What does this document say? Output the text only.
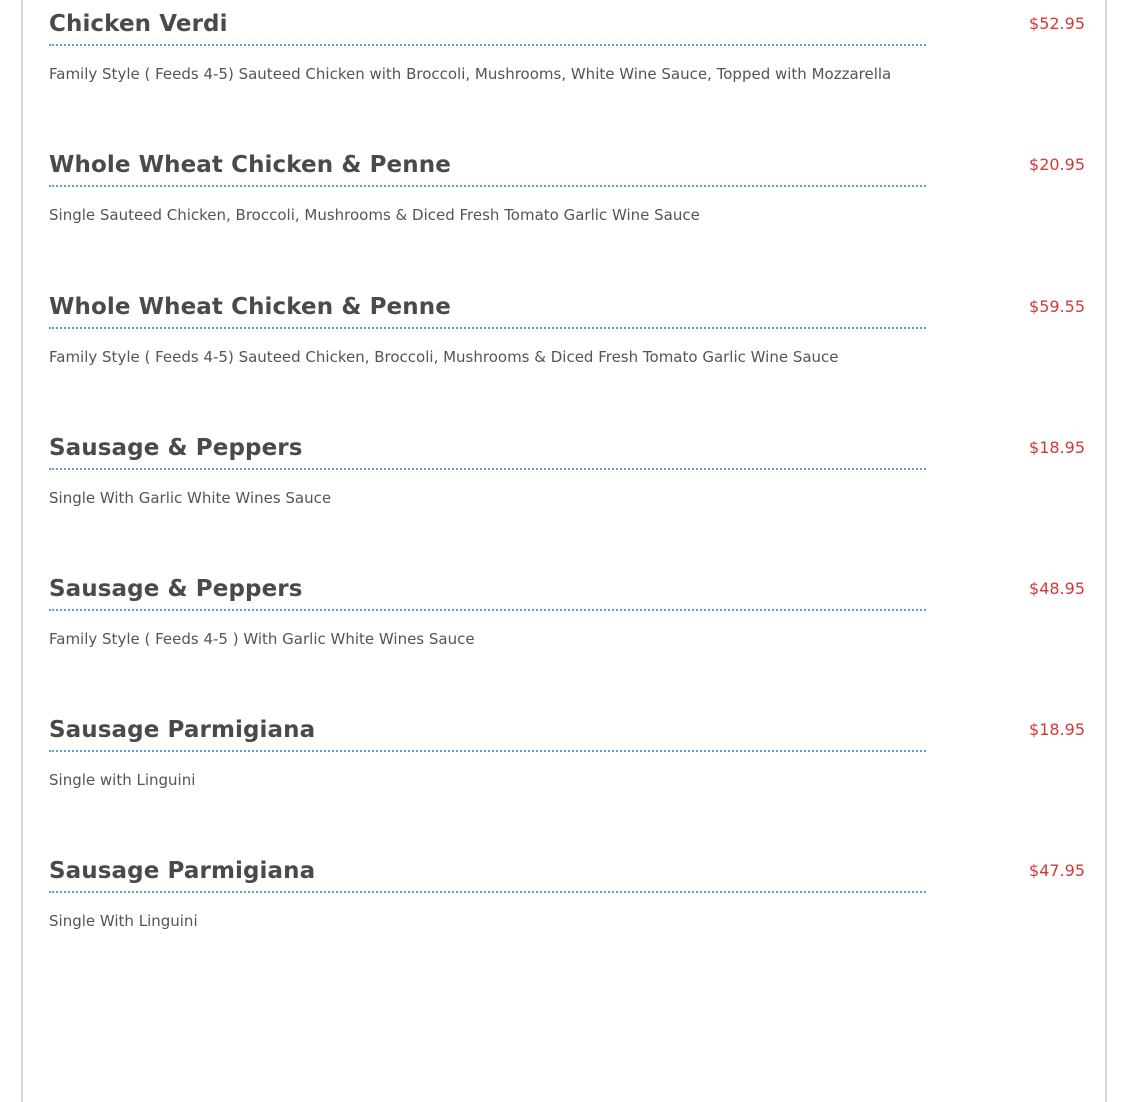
Chicken Verdi	$52.95

Family Style ( Feeds 4-5) Sauteed Chicken with Broccoli, Mushrooms, White Wine Sauce, Topped with Mozzarella

Whole Wheat Chicken & Penne	$20.95

Single Sauteed Chicken, Broccoli, Mushrooms & Diced Fresh Tomato Garlic Wine Sauce

Whole Wheat Chicken & Penne	$59.55

Family Style ( Feeds 4-5) Sauteed Chicken, Broccoli, Mushrooms & Diced Fresh Tomato Garlic Wine Sauce

Sausage & Peppers	$18.95

Single With Garlic White Wines Sauce

Sausage & Peppers	$48.95

Family Style ( Feeds 4-5 ) With Garlic White Wines Sauce

Sausage Parmigiana	$18.95

Single with Linguini

Sausage Parmigiana	$47.95

Single With Linguini
